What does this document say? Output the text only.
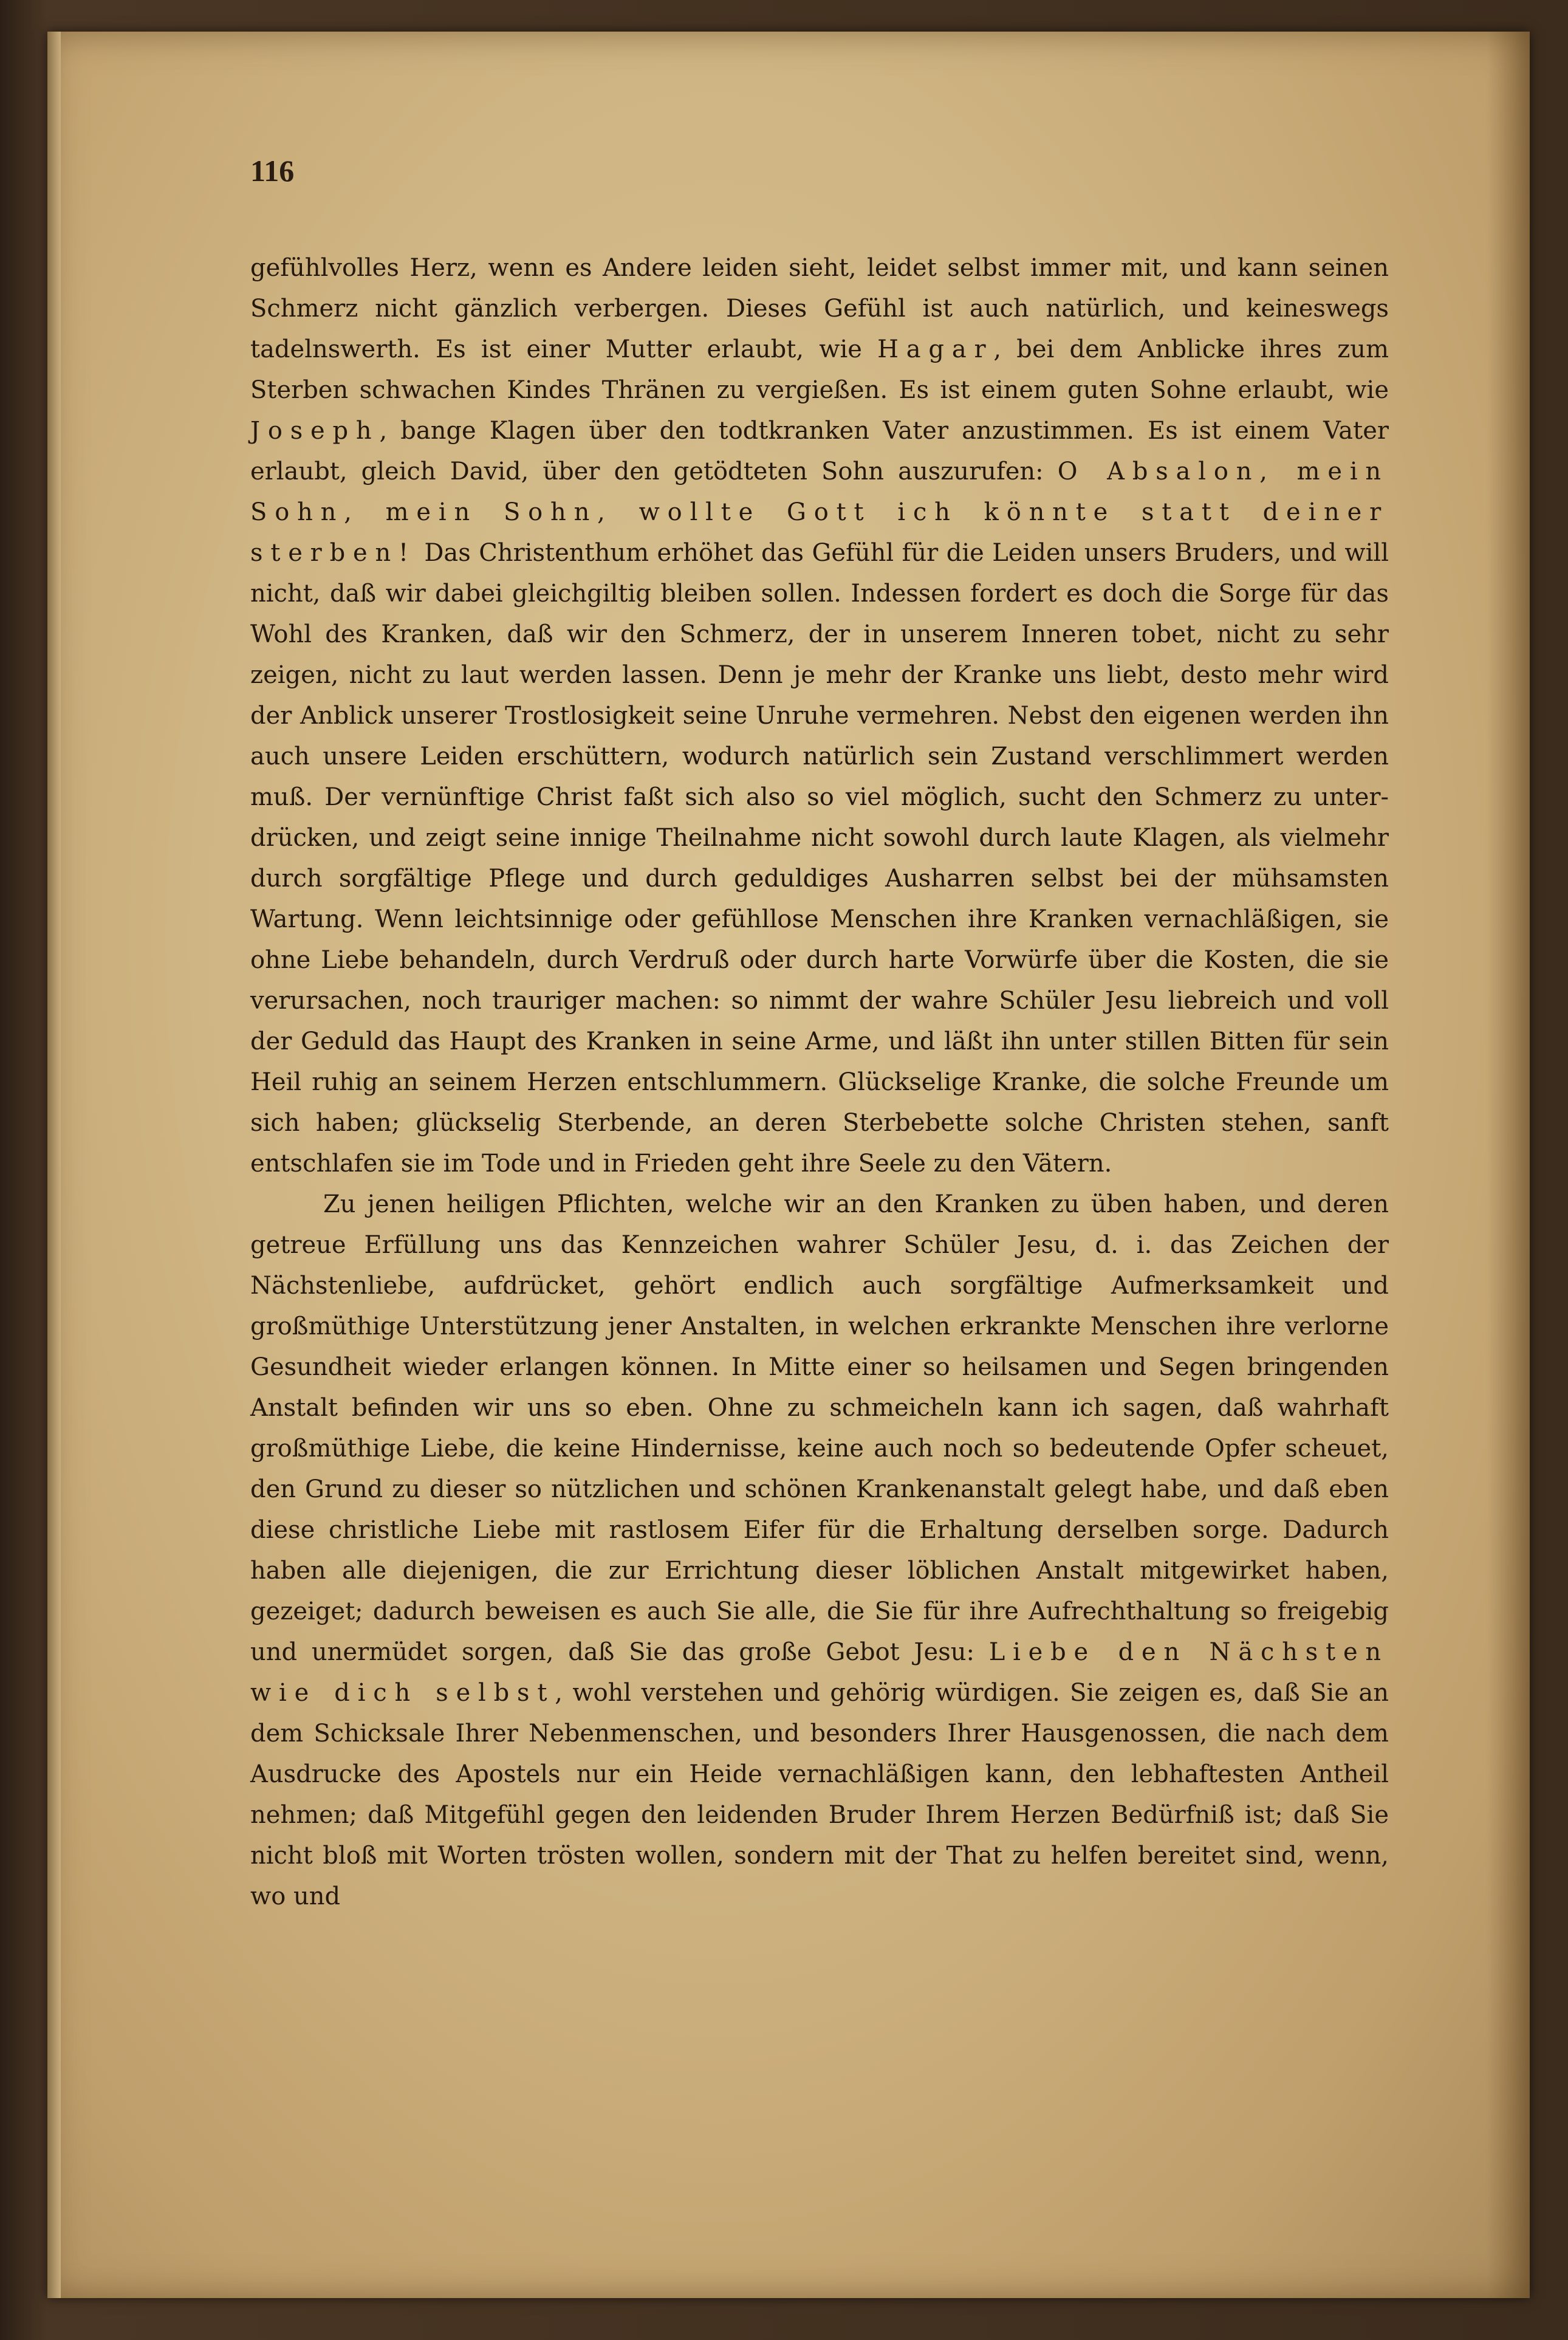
116

gefühlvolles Herz, wenn es Andere leiden sieht, leidet selbst immer mit, und kann seinen Schmerz nicht gänzlich verbergen. Dieses Gefühl ist auch natürlich, und keineswegs tadelnswerth. Es ist einer Mutter erlaubt, wie Hagar, bei dem Anblicke ihres zum Sterben schwachen Kindes Thränen zu vergießen. Es ist einem guten Sohne erlaubt, wie Joseph, bange Klagen über den todtkranken Vater anzustimmen. Es ist einem Vater erlaubt, gleich David, über den getödteten Sohn auszurufen: O Absalon, mein Sohn, mein Sohn, wollte Gott ich könnte statt deiner sterben! Das Christenthum erhöhet das Gefühl für die Leiden unsers Bruders, und will nicht, daß wir dabei gleichgiltig bleiben sollen. Indessen fordert es doch die Sorge für das Wohl des Kranken, daß wir den Schmerz, der in unserem Inneren tobet, nicht zu sehr zeigen, nicht zu laut werden lassen. Denn je mehr der Kranke uns liebt, desto mehr wird der Anblick unserer Trostlosigkeit seine Unruhe vermehren. Nebst den eigenen werden ihn auch unsere Leiden erschüttern, wodurch natürlich sein Zustand verschlimmert werden muß. Der vernünftige Christ faßt sich also so viel möglich, sucht den Schmerz zu unterdrücken, und zeigt seine innige Theilnahme nicht sowohl durch laute Klagen, als vielmehr durch sorgfältige Pflege und durch geduldiges Ausharren selbst bei der mühsamsten Wartung. Wenn leichtsinnige oder gefühllose Menschen ihre Kranken vernachläßigen, sie ohne Liebe behandeln, durch Verdruß oder durch harte Vorwürfe über die Kosten, die sie verursachen, noch trauriger machen: so nimmt der wahre Schüler Jesu liebreich und voll der Geduld das Haupt des Kranken in seine Arme, und läßt ihn unter stillen Bitten für sein Heil ruhig an seinem Herzen entschlummern. Glückselige Kranke, die solche Freunde um sich haben; glückselig Sterbende, an deren Sterbebette solche Christen stehen, sanft entschlafen sie im Tode und in Frieden geht ihre Seele zu den Vätern.

Zu jenen heiligen Pflichten, welche wir an den Kranken zu üben haben, und deren getreue Erfüllung uns das Kennzeichen wahrer Schüler Jesu, d. i. das Zeichen der Nächstenliebe, aufdrücket, gehört endlich auch sorgfältige Aufmerksamkeit und großmüthige Unterstützung jener Anstalten, in welchen erkrankte Menschen ihre verlorne Gesundheit wieder erlangen können. In Mitte einer so heilsamen und Segen bringenden Anstalt befinden wir uns so eben. Ohne zu schmeicheln kann ich sagen, daß wahrhaft großmüthige Liebe, die keine Hindernisse, keine auch noch so bedeutende Opfer scheuet, den Grund zu dieser so nützlichen und schönen Krankenanstalt gelegt habe, und daß eben diese christliche Liebe mit rastlosem Eifer für die Erhaltung derselben sorge. Dadurch haben alle diejenigen, die zur Errichtung dieser löblichen Anstalt mitgewirket haben, gezeiget; dadurch beweisen es auch Sie alle, die Sie für ihre Aufrechthaltung so freigebig und unermüdet sorgen, daß Sie das große Gebot Jesu: Liebe den Nächsten wie dich selbst, wohl verstehen und gehörig würdigen. Sie zeigen es, daß Sie an dem Schicksale Ihrer Nebenmenschen, und besonders Ihrer Hausgenossen, die nach dem Ausdrucke des Apostels nur ein Heide vernachläßigen kann, den lebhaftesten Antheil nehmen; daß Mitgefühl gegen den leidenden Bruder Ihrem Herzen Bedürfniß ist; daß Sie nicht bloß mit Worten trösten wollen, sondern mit der That zu helfen bereitet sind, wenn, wo und
